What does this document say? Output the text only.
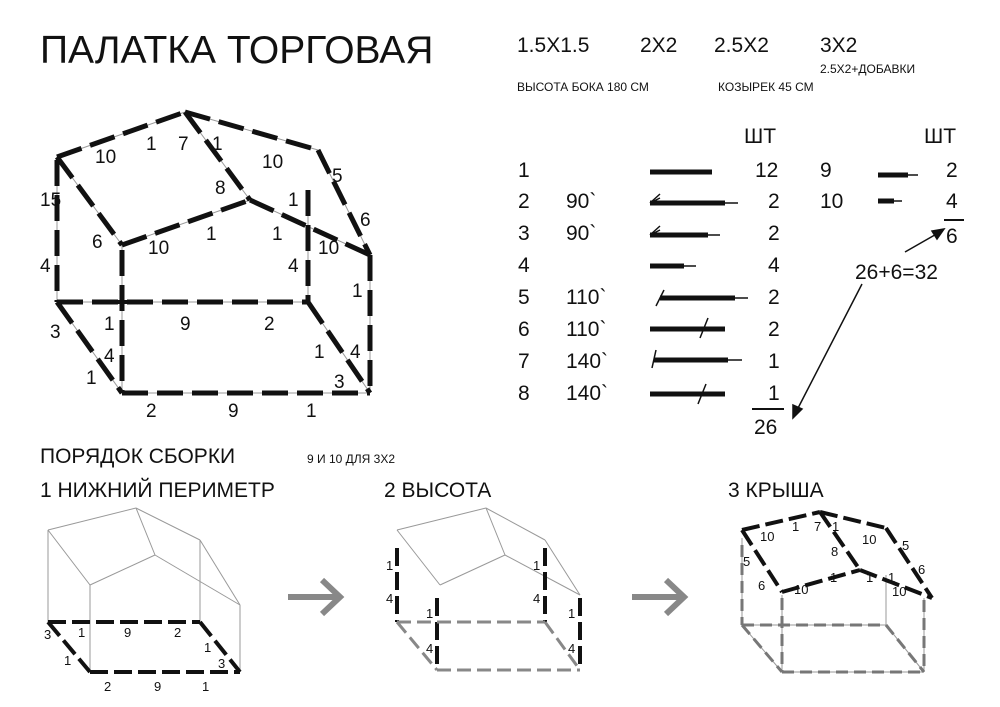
ПАЛАТКА ТОРГОВАЯ	1.5X1.5 2X2 2.5X2 3X2
2.5X2+ДОБАВКИ
ВЫСОТА БОКА 180 СМ	КОЗЫРЕК 45 СМ
10
1 7 1
10
5
15
8
1
6
6 10
1	1
4	4
10
1
1	9	2
3
4	1 4
1	3
2	9	1
ШТ
1	12
2 90`	2
3 90`	2
4	4
5 110`	2
6 110`	2
7 140`	1
8 140`	1
26
ШТ
9	2
10	4
6
26+6=32
ПОРЯДОК СБОРКИ	9 И 10 ДЛЯ 3Х2
1 НИЖНИЙ ПЕРИМЕТР	2 ВЫСОТА	3 КРЫША
3 1	9	2
1
1	3
2	9	1
1
4
1
4
1
4
4
1
10
1 7 1
10 5
5
8
6 10
1 1 1
10
6
